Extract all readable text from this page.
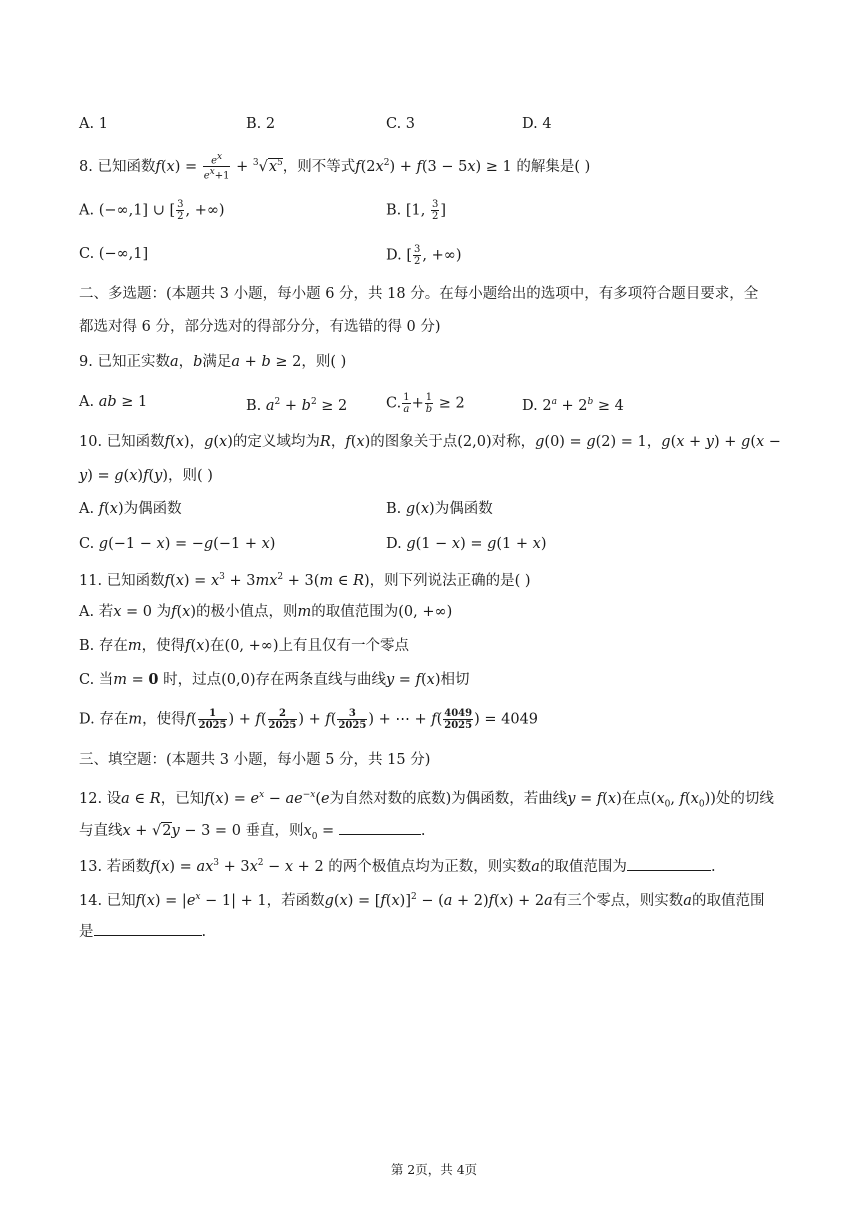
A. 1	B. 2	C. 3	D. 4
8. 已知函数$f(x) = \frac{e^x}{e^x+1} + ^3√x^5$，则不等式$f(2x^2) + f(3 - 5x) \ge 1$ 的解集是( )
A. (−∞,1] ∪ [ $\frac{3}{2}$ , +∞)	B. [1, $\frac{3}{2}$ ]
C. (−∞,1]	D. [ $\frac{3}{2}$ , +∞)
二、多选题：(本题共 3 小题，每小题 6 分，共 18 分。在每小题给出的选项中，有多项符合题目要求，全
都选对得 6 分，部分选对的得部分分，有选错的得 0 分)
9. 已知正实数a，b满足a + b ≥ 2，则( )
A. ab ≥ 1	B. $a^2 + b^2 \ge 2$	C. $\frac{1}{a} + \frac{1}{b} \ge 2$	D. $2^a + 2^b \ge 4$
10. 已知函数f(x)，g(x)的定义域均为R，f(x)的图象关于点(2,0)对称，g(0) = g(2) = 1，g(x + y) + g(x −
y) = g(x)f(y)，则( )
A. f(x)为偶函数	B. g(x)为偶函数
C. g(−1 − x) = −g(−1 + x)	D. g(1 − x) = g(1 + x)
11. 已知函数$f(x) = x^3 + 3mx^2 + 3(m$ ∈ R)，则下列说法正确的是( )
A. 若x = 0 为f(x)的极小值点，则m的取值范围为(0, +∞)
B. 存在m，使得f(x)在(0, +∞)上有且仅有一个零点
C. 当m = 0 时，过点(0,0)存在两条直线与曲线y = f(x)相切
D. 存在m，使得$f( \frac{1}{2025}$ ) + $f( \frac{2}{2025}$ ) + $f( \frac{3}{2025}$ ) + ⋯ + $f( \frac{4049}{2025}$ ) = 4049
三、填空题：(本题共 3 小题，每小题 5 分，共 15 分)
12. 设a ∈ R，已知$f(x) = e^x - ae^{-x}(e$为自然对数的底数)为偶函数，若曲线y = f(x)在点($x_0$, $f(x_0)$)处的切线
与直线x + √2y − 3 = 0 垂直，则$x_0$ =	.
13. 若函数$f(x) = ax^3 + 3x^2 - x + 2$ 的两个极值点均为正数，则实数a的取值范围为	.
14. 已知$f(x) = |e^x - 1| + 1$，若函数$g(x) = [f(x)]^2 - (a + 2)f(x) + 2a$有三个零点，则实数a的取值范围
是	.
第 2页，共 4页
